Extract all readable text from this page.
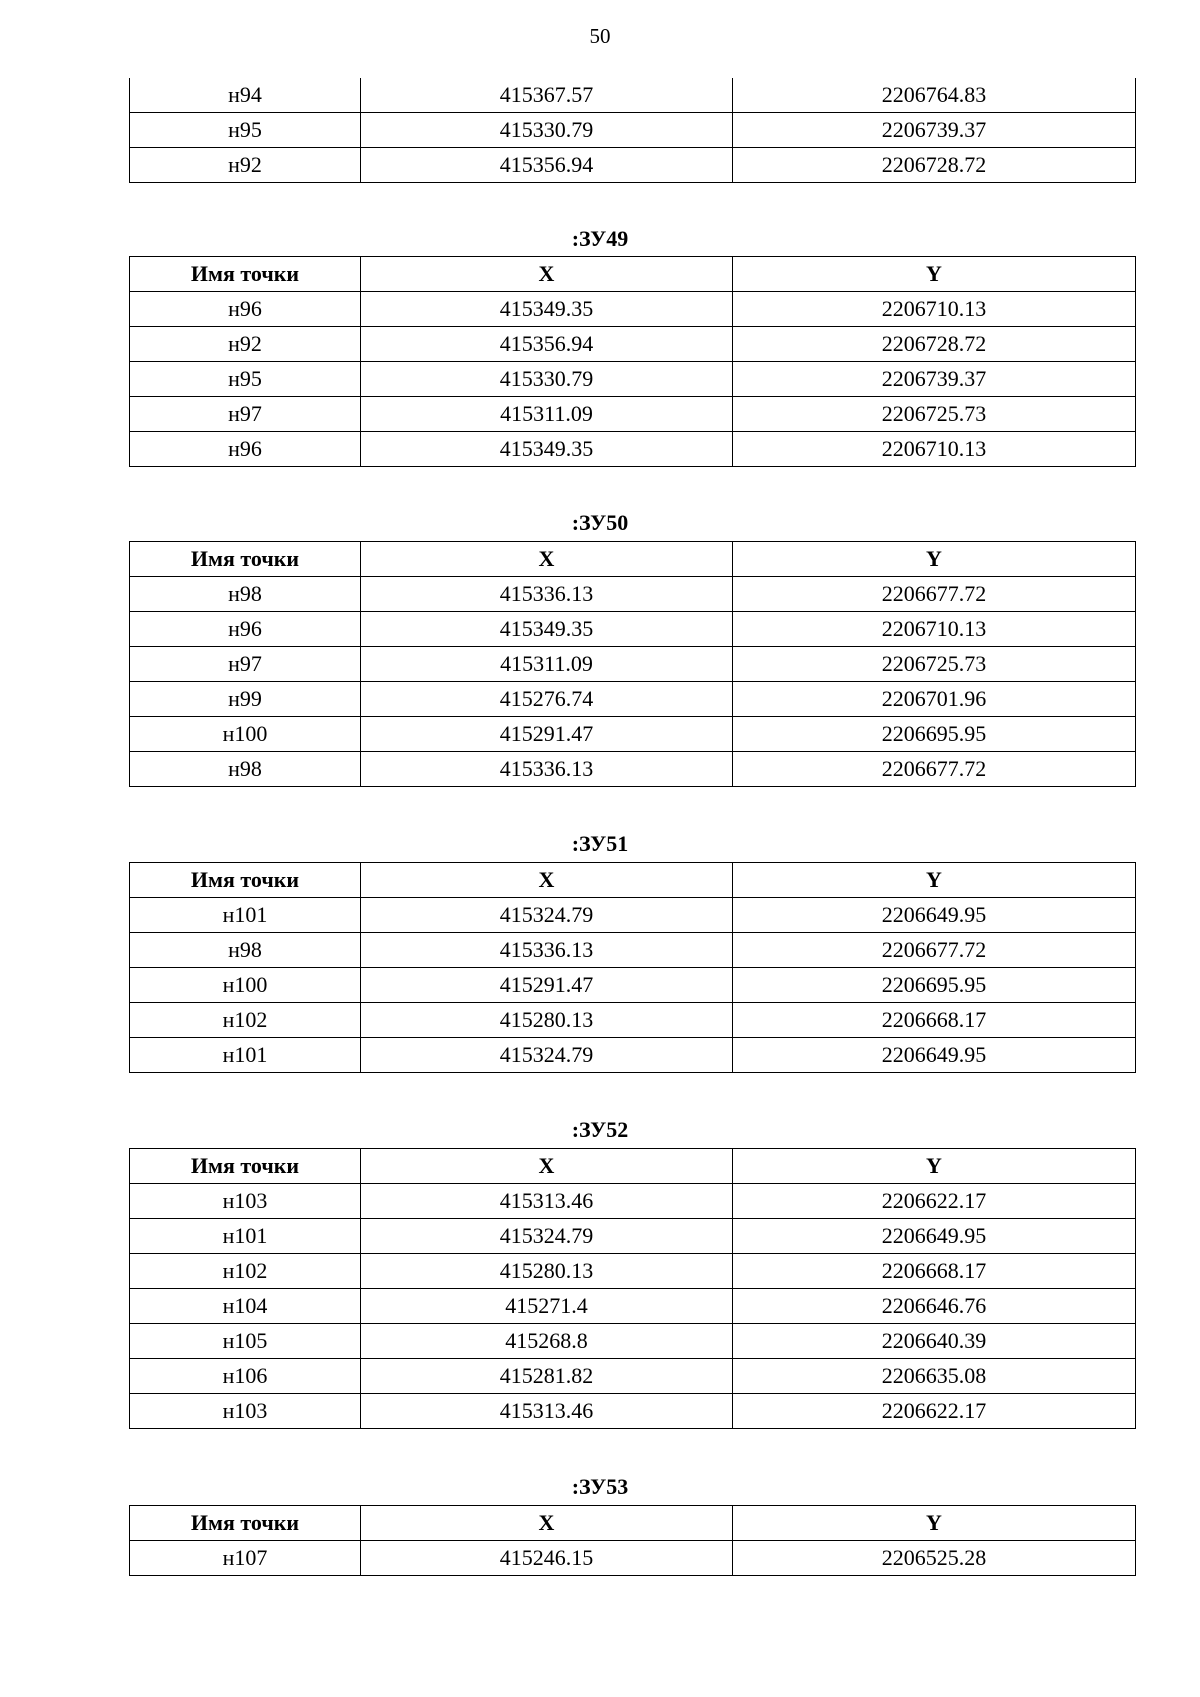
50
н94	415367.57	2206764.83
н95	415330.79	2206739.37
н92	415356.94	2206728.72
:ЗУ49
Имя точки	X	Y
н96	415349.35	2206710.13
н92	415356.94	2206728.72
н95	415330.79	2206739.37
н97	415311.09	2206725.73
н96	415349.35	2206710.13
:ЗУ50
Имя точки	X	Y
н98	415336.13	2206677.72
н96	415349.35	2206710.13
н97	415311.09	2206725.73
н99	415276.74	2206701.96
н100	415291.47	2206695.95
н98	415336.13	2206677.72
:ЗУ51
Имя точки	X	Y
н101	415324.79	2206649.95
н98	415336.13	2206677.72
н100	415291.47	2206695.95
н102	415280.13	2206668.17
н101	415324.79	2206649.95
:ЗУ52
Имя точки	X	Y
н103	415313.46	2206622.17
н101	415324.79	2206649.95
н102	415280.13	2206668.17
н104	415271.4	2206646.76
н105	415268.8	2206640.39
н106	415281.82	2206635.08
н103	415313.46	2206622.17
:ЗУ53
Имя точки	X	Y
н107	415246.15	2206525.28
